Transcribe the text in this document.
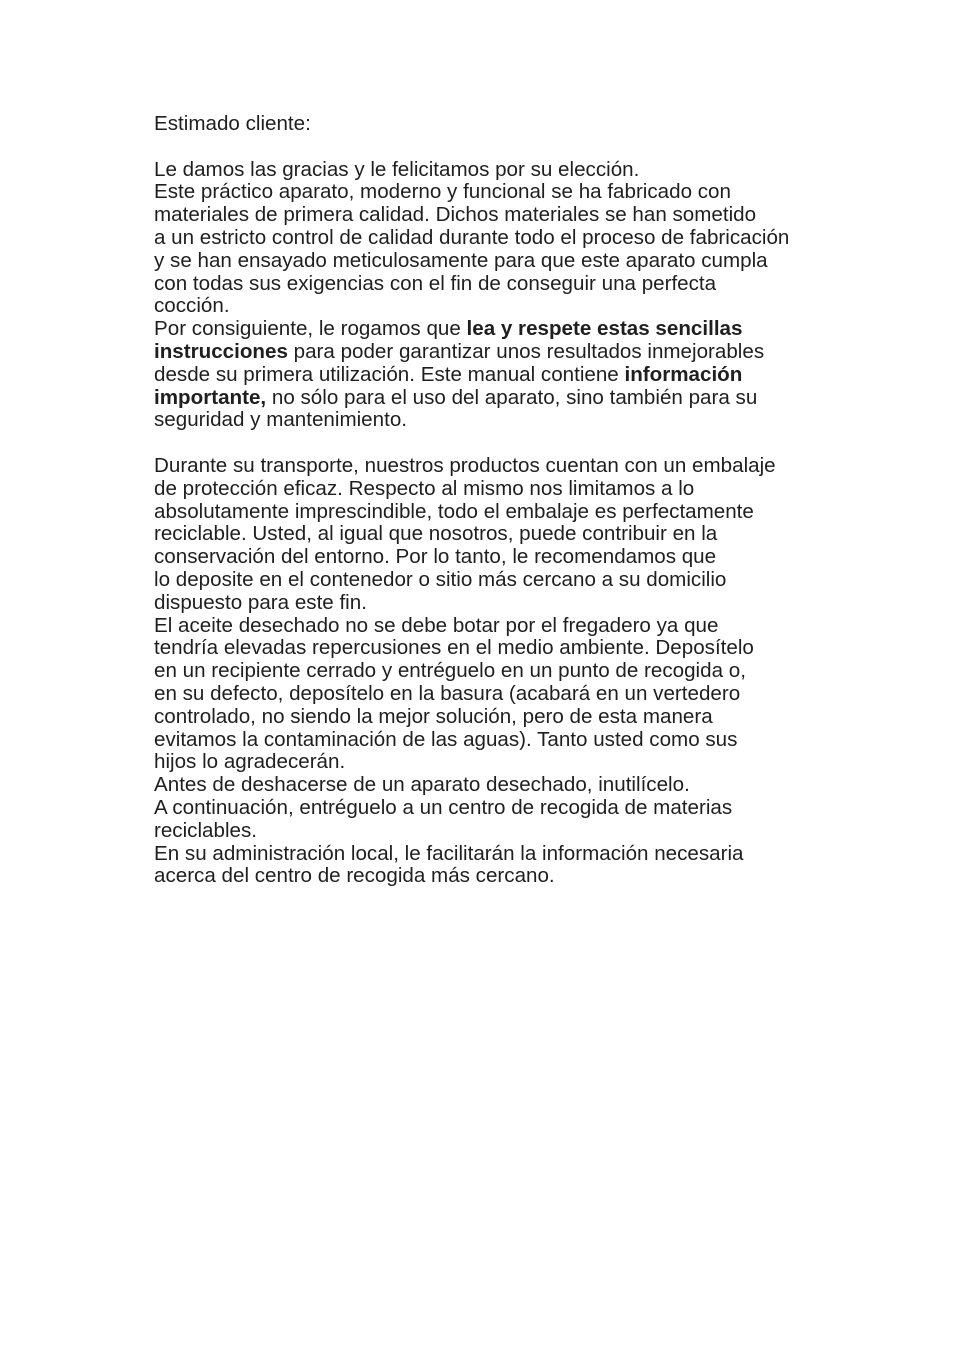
Estimado cliente:

Le damos las gracias y le felicitamos por su elección.
Este práctico aparato, moderno y funcional se ha fabricado con
materiales de primera calidad. Dichos materiales se han sometido
a un estricto control de calidad durante todo el proceso de fabricación
y se han ensayado meticulosamente para que este aparato cumpla
con todas sus exigencias con el fin de conseguir una perfecta
cocción.

Por consiguiente, le rogamos que lea y respete estas sencillas
instrucciones para poder garantizar unos resultados inmejorables
desde su primera utilización. Este manual contiene información
importante, no sólo para el uso del aparato, sino también para su
seguridad y mantenimiento.

Durante su transporte, nuestros productos cuentan con un embalaje
de protección eficaz. Respecto al mismo nos limitamos a lo
absolutamente imprescindible, todo el embalaje es perfectamente
reciclable. Usted, al igual que nosotros, puede contribuir en la
conservación del entorno. Por lo tanto, le recomendamos que
lo deposite en el contenedor o sitio más cercano a su domicilio
dispuesto para este fin.

El aceite desechado no se debe botar por el fregadero ya que
tendría elevadas repercusiones en el medio ambiente. Deposítelo
en un recipiente cerrado y entréguelo en un punto de recogida o,
en su defecto, deposítelo en la basura (acabará en un vertedero
controlado, no siendo la mejor solución, pero de esta manera
evitamos la contaminación de las aguas). Tanto usted como sus
hijos lo agradecerán.

Antes de deshacerse de un aparato desechado, inutilícelo.
A continuación, entréguelo a un centro de recogida de materias
reciclables.

En su administración local, le facilitarán la información necesaria
acerca del centro de recogida más cercano.
